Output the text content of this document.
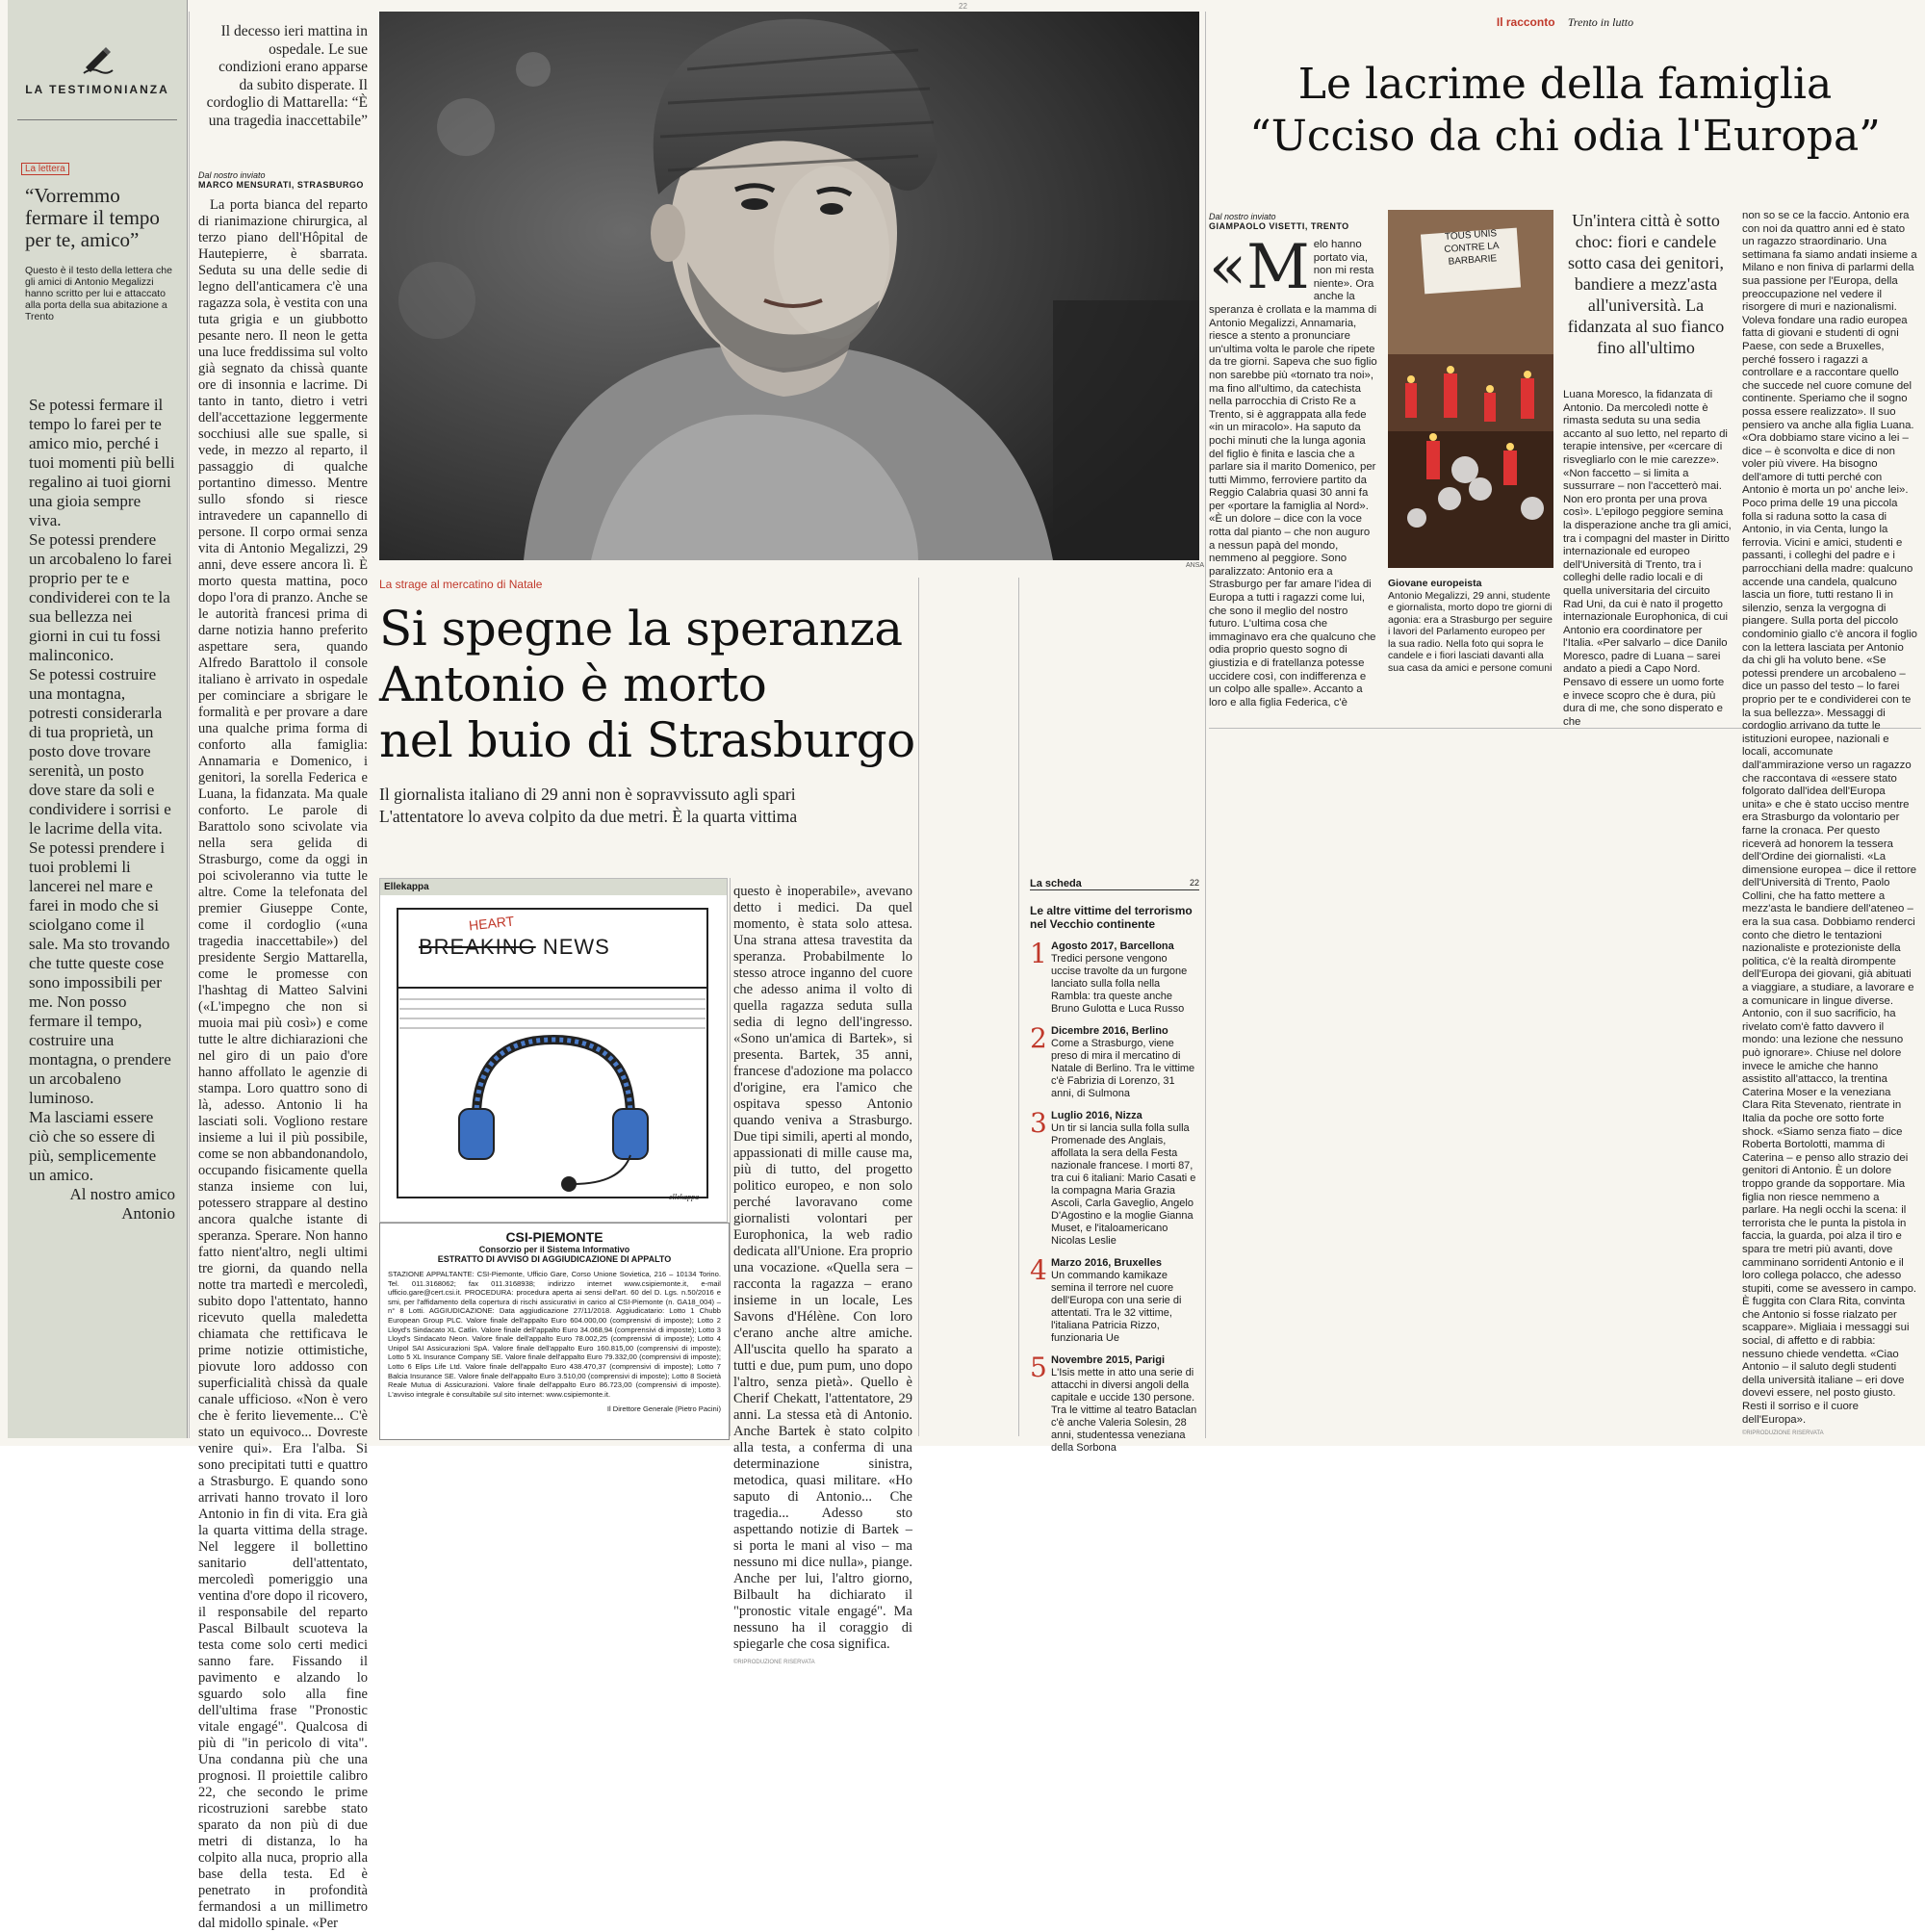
22
LA TESTIMONIANZA
La lettera
“Vorremmo fermare il tempo per te, amico”
Questo è il testo della lettera che gli amici di Antonio Megalizzi hanno scritto per lui e attaccato alla porta della sua abitazione a Trento

Se potessi fermare il tempo lo farei per te amico mio, perché i tuoi momenti più belli regalino ai tuoi giorni una gioia sempre viva.

Se potessi prendere un arcobaleno lo farei proprio per te e condividerei con te la sua bellezza nei giorni in cui tu fossi malinconico.

Se potessi costruire una montagna, potresti considerarla di tua proprietà, un posto dove trovare serenità, un posto dove stare da soli e condividere i sorrisi e le lacrime della vita.

Se potessi prendere i tuoi problemi li lancerei nel mare e farei in modo che si sciolgano come il sale. Ma sto trovando che tutte queste cose sono impossibili per me. Non posso fermare il tempo, costruire una montagna, o prendere un arcobaleno luminoso.

Ma lasciami essere ciò che so essere di più, semplicemente un amico.

Al nostro amico

Antonio

Il decesso ieri mattina in ospedale. Le sue condizioni erano apparse da subito disperate. Il cordoglio di Mattarella: “È una tragedia inaccettabile”
Dal nostro inviato
MARCO MENSURATI, STRASBURGO

La porta bianca del reparto di rianimazione chirurgica, al terzo piano dell'Hôpital de Hautepierre, è sbarrata. Seduta su una delle sedie di legno dell'anticamera c'è una ragazza sola, è vestita con una tuta grigia e un giubbotto pesante nero. Il neon le getta una luce freddissima sul volto già segnato da chissà quante ore di insonnia e lacrime. Di tanto in tanto, dietro i vetri dell'accettazione leggermente socchiusi alle sue spalle, si vede, in mezzo al reparto, il passaggio di qualche portantino dimesso. Mentre sullo sfondo si riesce intravedere un capannello di persone. Il corpo ormai senza vita di Antonio Megalizzi, 29 anni, deve essere ancora lì. È morto questa mattina, poco dopo l'ora di pranzo. Anche se le autorità francesi prima di darne notizia hanno preferito aspettare sera, quando Alfredo Barattolo il console italiano è arrivato in ospedale per cominciare a sbrigare le formalità e per provare a dare una qualche prima forma di conforto alla famiglia: Annamaria e Domenico, i genitori, la sorella Federica e Luana, la fidanzata. Ma quale conforto. Le parole di Barattolo sono scivolate via nella sera gelida di Strasburgo, come da oggi in poi scivoleranno via tutte le altre. Come la telefonata del premier Giuseppe Conte, come il cordoglio («una tragedia inaccettabile») del presidente Sergio Mattarella, come le promesse con l'hashtag di Matteo Salvini («L'impegno che non si muoia mai più così») e come tutte le altre dichiarazioni che nel giro di un paio d'ore hanno affollato le agenzie di stampa. Loro quattro sono di là, adesso. Antonio li ha lasciati soli. Vogliono restare insieme a lui il più possibile, come se non abbandonandolo, occupando fisicamente quella stanza insieme con lui, potessero strappare al destino ancora qualche istante di speranza. Sperare. Non hanno fatto nient'altro, negli ultimi tre giorni, da quando nella notte tra martedì e mercoledì, subito dopo l'attentato, hanno ricevuto quella maledetta chiamata che rettificava le prime notizie ottimistiche, piovute loro addosso con superficialità chissà da quale canale ufficioso. «Non è vero che è ferito lievemente... C'è stato un equivoco... Dovreste venire qui». Era l'alba. Si sono precipitati tutti e quattro a Strasburgo. E quando sono arrivati hanno trovato il loro Antonio in fin di vita. Era già la quarta vittima della strage. Nel leggere il bollettino sanitario dell'attentato, mercoledì pomeriggio una ventina d'ore dopo il ricovero, il responsabile del reparto Pascal Bilbault scuoteva la testa come solo certi medici sanno fare. Fissando il pavimento e alzando lo sguardo solo alla fine dell'ultima frase "Pronostic vitale engagé". Qualcosa di più di "in pericolo di vita". Una condanna più che una prognosi. Il proiettile calibro 22, che secondo le prime ricostruzioni sarebbe stato sparato da non più di due metri di distanza, lo ha colpito alla nuca, proprio alla base della testa. Ed è penetrato in profondità fermandosi a un millimetro dal midollo spinale. «Per

ANSA
La strage al mercatino di Natale
Si spegne la speranza
Antonio è morto
nel buio di Strasburgo
Il giornalista italiano di 29 anni non è sopravvissuto agli spari
L'attentatore lo aveva colpito da due metri. È la quarta vittima
Ellekappa
HEART
BREAKING NEWS
ellekappa
CSI-PIEMONTE
Consorzio per il Sistema Informativo
ESTRATTO DI AVVISO DI AGGIUDICAZIONE DI APPALTO
STAZIONE APPALTANTE: CSI-Piemonte, Ufficio Gare, Corso Unione Sovietica, 216 – 10134 Torino. Tel. 011.3168062; fax 011.3168938; indirizzo internet www.csipiemonte.it, e-mail ufficio.gare@cert.csi.it. PROCEDURA: procedura aperta ai sensi dell'art. 60 del D. Lgs. n.50/2016 e smi, per l'affidamento della copertura di rischi assicurativi in carico al CSI-Piemonte (n. GA18_004) – n° 8 Lotti. AGGIUDICAZIONE: Data aggiudicazione 27/11/2018. Aggiudicatario: Lotto 1 Chubb European Group PLC. Valore finale dell'appalto Euro 604.000,00 (comprensivi di imposte); Lotto 2 Lloyd's Sindacato XL Catlin. Valore finale dell'appalto Euro 34.068,94 (comprensivi di imposte); Lotto 3 Lloyd's Sindacato Neon. Valore finale dell'appalto Euro 78.002,25 (comprensivi di imposte); Lotto 4 Unipol SAI Assicurazioni SpA. Valore finale dell'appalto Euro 160.815,00 (comprensivi di imposte); Lotto 5 XL Insurance Company SE. Valore finale dell'appalto Euro 79.332,00 (comprensivi di imposte); Lotto 6 Elips Life Ltd. Valore finale dell'appalto Euro 438.470,37 (comprensivi di imposte); Lotto 7 Balcia Insurance SE. Valore finale dell'appalto Euro 3.510,00 (comprensivi di imposte); Lotto 8 Società Reale Mutua di Assicurazioni. Valore finale dell'appalto Euro 86.723,00 (comprensivi di imposte). L'avviso integrale è consultabile sul sito internet: www.csipiemonte.it.
Il Direttore Generale (Pietro Pacini)

questo è inoperabile», avevano detto i medici. Da quel momento, è stata solo attesa. Una strana attesa travestita da speranza. Probabilmente lo stesso atroce inganno del cuore che adesso anima il volto di quella ragazza seduta sulla sedia di legno dell'ingresso. «Sono un'amica di Bartek», si presenta. Bartek, 35 anni, francese d'adozione ma polacco d'origine, era l'amico che ospitava spesso Antonio quando veniva a Strasburgo. Due tipi simili, aperti al mondo, appassionati di mille cause ma, più di tutto, del progetto politico europeo, e non solo perché lavoravano come giornalisti volontari per Europhonica, la web radio dedicata all'Unione. Era proprio una vocazione. «Quella sera – racconta la ragazza – erano insieme in un locale, Les Savons d'Hélène. Con loro c'erano anche altre amiche. All'uscita quello ha sparato a tutti e due, pum pum, uno dopo l'altro, senza pietà». Quello è Cherif Chekatt, l'attentatore, 29 anni. La stessa età di Antonio. Anche Bartek è stato colpito alla testa, a conferma di una determinazione sinistra, metodica, quasi militare. «Ho saputo di Antonio... Che tragedia... Adesso sto aspettando notizie di Bartek – si porta le mani al viso – ma nessuno mi dice nulla», piange. Anche per lui, l'altro giorno, Bilbault ha dichiarato il "pronostic vitale engagé". Ma nessuno ha il coraggio di spiegarle che cosa significa.

©RIPRODUZIONE RISERVATA
La scheda	22
Le altre vittime del terrorismo nel Vecchio continente
1 Agosto 2017, Barcellona
Tredici persone vengono uccise travolte da un furgone lanciato sulla folla nella Rambla: tra queste anche Bruno Gulotta e Luca Russo
2 Dicembre 2016, Berlino
Come a Strasburgo, viene preso di mira il mercatino di Natale di Berlino. Tra le vittime c'è Fabrizia di Lorenzo, 31 anni, di Sulmona
3 Luglio 2016, Nizza
Un tir si lancia sulla folla sulla Promenade des Anglais, affollata la sera della Festa nazionale francese. I morti 87, tra cui 6 italiani: Mario Casati e la compagna Maria Grazia Ascoli, Carla Gaveglio, Angelo D'Agostino e la moglie Gianna Muset, e l'italoamericano Nicolas Leslie
4 Marzo 2016, Bruxelles
Un commando kamikaze semina il terrore nel cuore dell'Europa con una serie di attentati. Tra le 32 vittime, l'italiana Patricia Rizzo, funzionaria Ue
5 Novembre 2015, Parigi
L'Isis mette in atto una serie di attacchi in diversi angoli della capitale e uccide 130 persone. Tra le vittime al teatro Bataclan c'è anche Valeria Solesin, 28 anni, studentessa veneziana della Sorbona
Il racconto Trento in lutto
Le lacrime della famiglia
“Ucciso da chi odia l'Europa”
Dal nostro inviato
GIAMPAOLO VISETTI, TRENTO
«M elo hanno portato via, non mi resta niente». Ora anche la speranza è crollata e la mamma di Antonio Megalizzi, Annamaria, riesce a stento a pronunciare un'ultima volta le parole che ripete da tre giorni. Sapeva che suo figlio non sarebbe più «tornato tra noi», ma fino all'ultimo, da catechista nella parrocchia di Cristo Re a Trento, si è aggrappata alla fede «in un miracolo». Ha saputo da pochi minuti che la lunga agonia del figlio è finita e lascia che a parlare sia il marito Domenico, per tutti Mimmo, ferroviere partito da Reggio Calabria quasi 30 anni fa per «portare la famiglia al Nord». «È un dolore – dice con la voce rotta dal pianto – che non auguro a nessun papà del mondo, nemmeno al peggiore. Sono paralizzato: Antonio era a Strasburgo per far amare l'idea di Europa a tutti i ragazzi come lui, che sono il meglio del nostro futuro. L'ultima cosa che immaginavo era che qualcuno che odia proprio questo sogno di giustizia e di fratellanza potesse uccidere così, con indifferenza e un colpo alle spalle». Accanto a loro e alla figlia Federica, c'è
TOUS UNIS
CONTRE LA
BARBARIE
Giovane europeista
Antonio Megalizzi, 29 anni, studente e giornalista, morto dopo tre giorni di agonia: era a Strasburgo per seguire i lavori del Parlamento europeo per la sua radio. Nella foto qui sopra le candele e i fiori lasciati davanti alla sua casa da amici e persone comuni
Un'intera città è sotto choc: fiori e candele sotto casa dei genitori, bandiere a mezz'asta all'università. La fidanzata al suo fianco fino all'ultimo

Luana Moresco, la fidanzata di Antonio. Da mercoledì notte è rimasta seduta su una sedia accanto al suo letto, nel reparto di terapie intensive, per «cercare di risvegliarlo con le mie carezze». «Non faccetto – si limita a sussurrare – non l'accetterò mai. Non ero pronta per una prova così». L'epilogo peggiore semina la disperazione anche tra gli amici, tra i compagni del master in Diritto internazionale ed europeo dell'Università di Trento, tra i colleghi delle radio locali e di quella universitaria del circuito Rad Uni, da cui è nato il progetto internazionale Europhonica, di cui Antonio era coordinatore per l'Italia. «Per salvarlo – dice Danilo Moresco, padre di Luana – sarei andato a piedi a Capo Nord. Pensavo di essere un uomo forte e invece scopro che è dura, più dura di me, che sono disperato e che

non so se ce la faccio. Antonio era con noi da quattro anni ed è stato un ragazzo straordinario. Una settimana fa siamo andati insieme a Milano e non finiva di parlarmi della sua passione per l'Europa, della preoccupazione nel vedere il risorgere di muri e nazionalismi. Voleva fondare una radio europea fatta di giovani e studenti di ogni Paese, con sede a Bruxelles, perché fossero i ragazzi a controllare e a raccontare quello che succede nel cuore comune del continente. Speriamo che il sogno possa essere realizzato». Il suo pensiero va anche alla figlia Luana. «Ora dobbiamo stare vicino a lei – dice – è sconvolta e dice di non voler più vivere. Ha bisogno dell'amore di tutti perché con Antonio è morta un po' anche lei». Poco prima delle 19 una piccola folla si raduna sotto la casa di Antonio, in via Centa, lungo la ferrovia. Vicini e amici, studenti e passanti, i colleghi del padre e i parrocchiani della madre: qualcuno accende una candela, qualcuno lascia un fiore, tutti restano lì in silenzio, senza la vergogna di piangere. Sulla porta del piccolo condominio giallo c'è ancora il foglio con la lettera lasciata per Antonio da chi gli ha voluto bene. «Se potessi prendere un arcobaleno – dice un passo del testo – lo farei proprio per te e condividerei con te la sua bellezza». Messaggi di cordoglio arrivano da tutte le istituzioni europee, nazionali e locali, accomunate dall'ammirazione verso un ragazzo che raccontava di «essere stato folgorato dall'idea dell'Europa unita» e che è stato ucciso mentre era Strasburgo da volontario per farne la cronaca. Per questo riceverà ad honorem la tessera dell'Ordine dei giornalisti. «La dimensione europea – dice il rettore dell'Università di Trento, Paolo Collini, che ha fatto mettere a mezz'asta le bandiere dell'ateneo – era la sua casa. Dobbiamo renderci conto che dietro le tentazioni nazionaliste e protezioniste della politica, c'è la realtà dirompente dell'Europa dei giovani, già abituati a viaggiare, a studiare, a lavorare e a comunicare in lingue diverse. Antonio, con il suo sacrificio, ha rivelato com'è fatto davvero il mondo: una lezione che nessuno può ignorare». Chiuse nel dolore invece le amiche che hanno assistito all'attacco, la trentina Caterina Moser e la veneziana Clara Rita Stevenato, rientrate in Italia da poche ore sotto forte shock. «Siamo senza fiato – dice Roberta Bortolotti, mamma di Caterina – e penso allo strazio dei genitori di Antonio. È un dolore troppo grande da sopportare. Mia figlia non riesce nemmeno a parlare. Ha negli occhi la scena: il terrorista che le punta la pistola in faccia, la guarda, poi alza il tiro e spara tre metri più avanti, dove camminano sorridenti Antonio e il loro collega polacco, che adesso stupiti, come se avessero in campo. È fuggita con Clara Rita, convinta che Antonio si fosse rialzato per scappare». Migliaia i messaggi sui social, di affetto e di rabbia: nessuno chiede vendetta. «Ciao Antonio – il saluto degli studenti della università italiane – eri dove dovevi essere, nel posto giusto. Resti il sorriso e il cuore dell'Europa».

©RIPRODUZIONE RISERVATA
